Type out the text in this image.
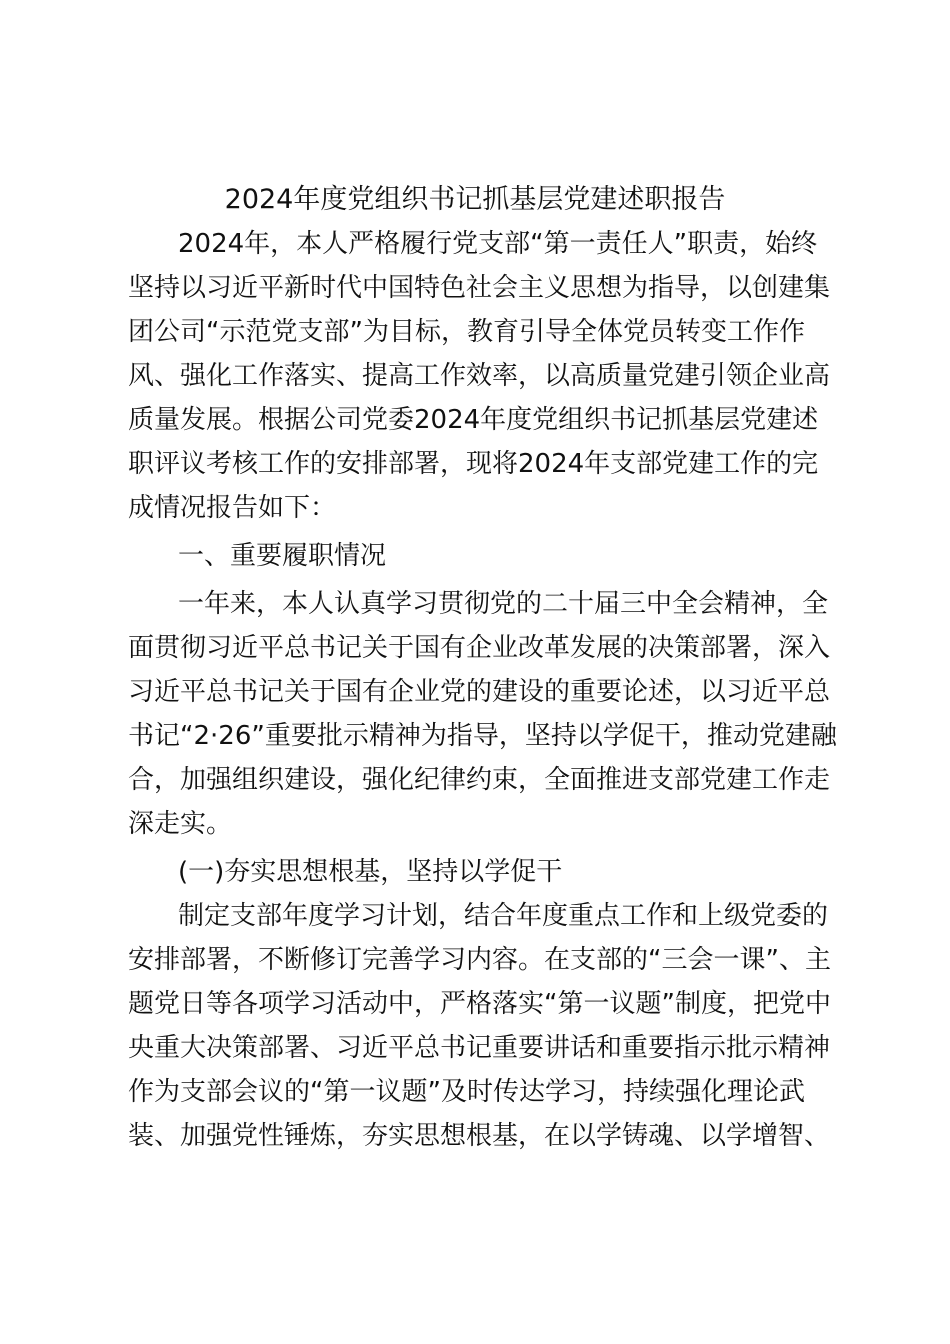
2024年度党组织书记抓基层党建述职报告
2024年，本人严格履行党支部“第一责任人”职责，始终
坚持以习近平新时代中国特色社会主义思想为指导，以创建集
团公司“示范党支部”为目标，教育引导全体党员转变工作作
风、强化工作落实、提高工作效率，以高质量党建引领企业高
质量发展。根据公司党委2024年度党组织书记抓基层党建述
职评议考核工作的安排部署，现将2024年支部党建工作的完
成情况报告如下：
一、重要履职情况
一年来，本人认真学习贯彻党的二十届三中全会精神，全
面贯彻习近平总书记关于国有企业改革发展的决策部署，深入
习近平总书记关于国有企业党的建设的重要论述，以习近平总
书记“2·26”重要批示精神为指导，坚持以学促干，推动党建融
合，加强组织建设，强化纪律约束，全面推进支部党建工作走
深走实。
(一)夯实思想根基，坚持以学促干
制定支部年度学习计划，结合年度重点工作和上级党委的
安排部署，不断修订完善学习内容。在支部的“三会一课”、主
题党日等各项学习活动中，严格落实“第一议题”制度，把党中
央重大决策部署、习近平总书记重要讲话和重要指示批示精神
作为支部会议的“第一议题”及时传达学习，持续强化理论武
装、加强党性锤炼，夯实思想根基，在以学铸魂、以学增智、
